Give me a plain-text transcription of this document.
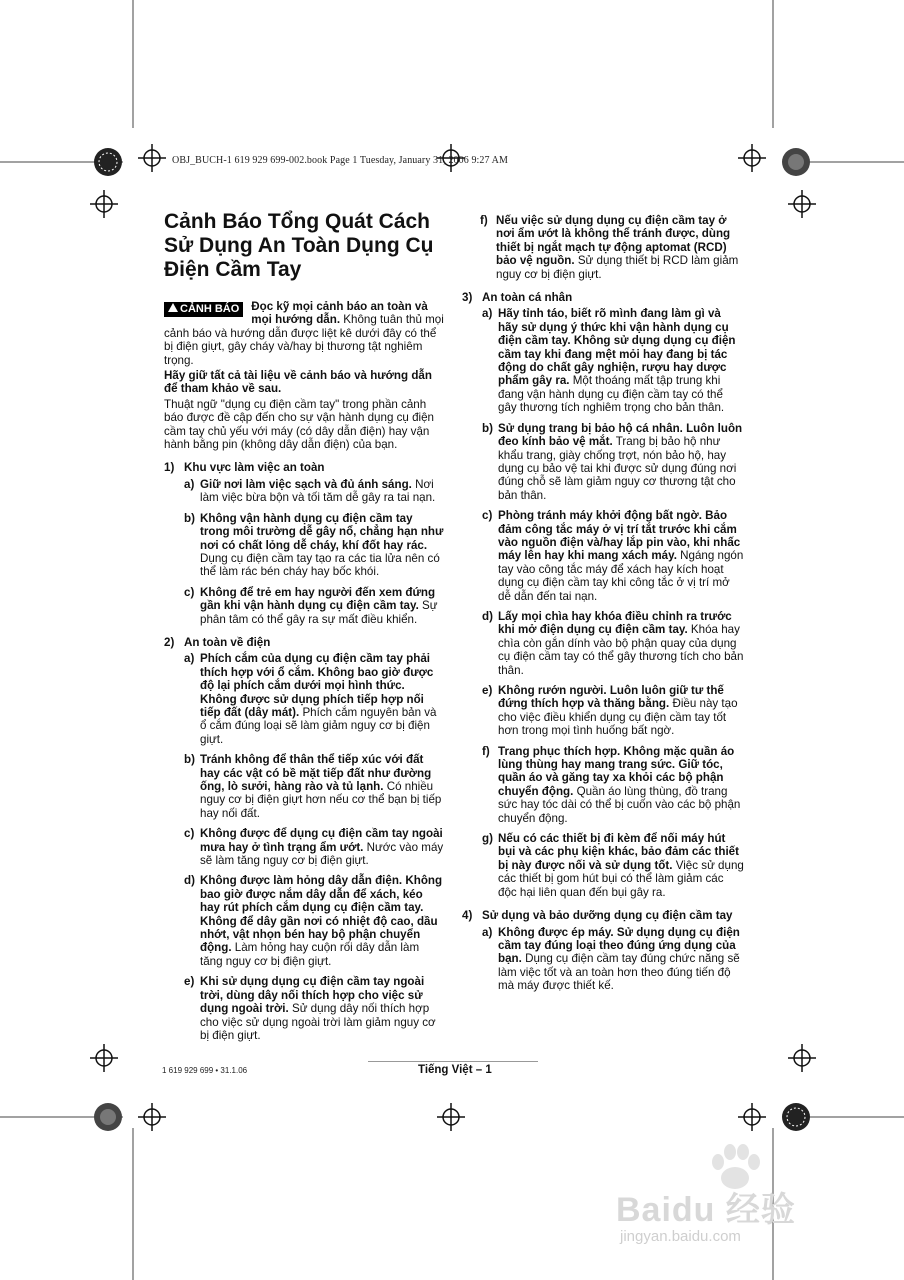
OBJ_BUCH-1 619 929 699-002.book Page 1 Tuesday, January 31, 2006 9:27 AM
Cảnh Báo Tổng Quát Cách Sử Dụng An Toàn Dụng Cụ Điện Cầm Tay
CẢNH BÁO	Đọc kỹ mọi cảnh báo an toàn và mọi hướng dẫn. Không tuân thủ mọi cảnh báo và hướng dẫn được liệt kê dưới đây có thể bị điện giựt, gây cháy và/hay bị thương tật nghiêm trọng.

Hãy giữ tất cả tài liệu về cảnh báo và hướng dẫn để tham khảo về sau.

Thuật ngữ "dụng cụ điện cầm tay" trong phần cảnh báo được đề cập đến cho sự vận hành dụng cụ điện cầm tay chủ yếu với máy (có dây dẫn điện) hay vận hành bằng pin (không dây dẫn điện) của bạn.

1) Khu vực làm việc an toàn
a) Giữ nơi làm việc sạch và đủ ánh sáng. Nơi làm việc bừa bộn và tối tăm dễ gây ra tai nạn.
b) Không vận hành dụng cụ điện cầm tay trong môi trường dễ gây nổ, chẳng hạn như nơi có chất lỏng dễ cháy, khí đốt hay rác. Dụng cụ điện cầm tay tạo ra các tia lửa nên có thể làm rác bén cháy hay bốc khói.
c) Không để trẻ em hay người đến xem đứng gần khi vận hành dụng cụ điện cầm tay. Sự phân tâm có thể gây ra sự mất điều khiển.
2) An toàn về điện
a) Phích cắm của dụng cụ điện cầm tay phải thích hợp với ổ cắm. Không bao giờ được độ lại phích cắm dưới mọi hình thức. Không được sử dụng phích tiếp hợp nối tiếp đất (dây mát). Phích cắm nguyên bản và ổ cắm đúng loại sẽ làm giảm nguy cơ bị điện giựt.
b) Tránh không để thân thể tiếp xúc với đất hay các vật có bề mặt tiếp đất như đường ống, lò sưởi, hàng rào và tủ lạnh. Có nhiều nguy cơ bị điện giựt hơn nếu cơ thể bạn bị tiếp hay nối đất.
c) Không được để dụng cụ điện cầm tay ngoài mưa hay ở tình trạng ẩm ướt. Nước vào máy sẽ làm tăng nguy cơ bị điện giựt.
d) Không được làm hỏng dây dẫn điện. Không bao giờ được nắm dây dẫn để xách, kéo hay rút phích cắm dụng cụ điện cầm tay. Không để dây gần nơi có nhiệt độ cao, dầu nhớt, vật nhọn bén hay bộ phận chuyển động. Làm hỏng hay cuộn rối dây dẫn làm tăng nguy cơ bị điện giựt.
e) Khi sử dụng dụng cụ điện cầm tay ngoài trời, dùng dây nối thích hợp cho việc sử dụng ngoài trời. Sử dụng dây nối thích hợp cho việc sử dụng ngoài trời làm giảm nguy cơ bị điện giựt.
f) Nếu việc sử dụng dụng cụ điện cầm tay ở nơi ẩm ướt là không thể tránh được, dùng thiết bị ngắt mạch tự động aptomat (RCD) bảo vệ nguồn. Sử dụng thiết bị RCD làm giảm nguy cơ bị điện giựt.
3) An toàn cá nhân
a) Hãy tỉnh táo, biết rõ mình đang làm gì và hãy sử dụng ý thức khi vận hành dụng cụ điện cầm tay. Không sử dụng dụng cụ điện cầm tay khi đang mệt mỏi hay đang bị tác động do chất gây nghiện, rượu hay dược phẩm gây ra. Một thoáng mất tập trung khi đang vận hành dụng cụ điện cầm tay có thể gây thương tích nghiêm trọng cho bản thân.
b) Sử dụng trang bị bảo hộ cá nhân. Luôn luôn đeo kính bảo vệ mắt. Trang bị bảo hộ như khẩu trang, giày chống trợt, nón bảo hộ, hay dụng cụ bảo vệ tai khi được sử dụng đúng nơi đúng chỗ sẽ làm giảm nguy cơ thương tật cho bản thân.
c) Phòng tránh máy khởi động bất ngờ. Bảo đảm công tắc máy ở vị trí tắt trước khi cắm vào nguồn điện và/hay lắp pin vào, khi nhấc máy lên hay khi mang xách máy. Ngáng ngón tay vào công tắc máy để xách hay kích hoạt dụng cụ điện cầm tay khi công tắc ở vị trí mở dễ dẫn đến tai nạn.
d) Lấy mọi chìa hay khóa điều chỉnh ra trước khi mở điện dụng cụ điện cầm tay. Khóa hay chìa còn gắn dính vào bộ phận quay của dụng cụ điện cầm tay có thể gây thương tích cho bản thân.
e) Không rướn người. Luôn luôn giữ tư thế đứng thích hợp và thăng bằng. Điều này tạo cho việc điều khiển dụng cụ điện cầm tay tốt hơn trong mọi tình huống bất ngờ.
f) Trang phục thích hợp. Không mặc quần áo lùng thùng hay mang trang sức. Giữ tóc, quần áo và găng tay xa khỏi các bộ phận chuyển động. Quần áo lùng thùng, đồ trang sức hay tóc dài có thể bị cuốn vào các bộ phận chuyển động.
g) Nếu có các thiết bị đi kèm để nối máy hút bụi và các phụ kiện khác, bảo đảm các thiết bị này được nối và sử dụng tốt. Việc sử dụng các thiết bị gom hút bụi có thể làm giảm các độc hại liên quan đến bụi gây ra.
4) Sử dụng và bảo dưỡng dụng cụ điện cầm tay
a) Không được ép máy. Sử dụng dụng cụ điện cầm tay đúng loại theo đúng ứng dụng của bạn. Dụng cụ điện cầm tay đúng chức năng sẽ làm việc tốt và an toàn hơn theo đúng tiến độ mà máy được thiết kế.
1 619 929 699 • 31.1.06	Tiếng Việt – 1
Baidu 经验
jingyan.baidu.com
